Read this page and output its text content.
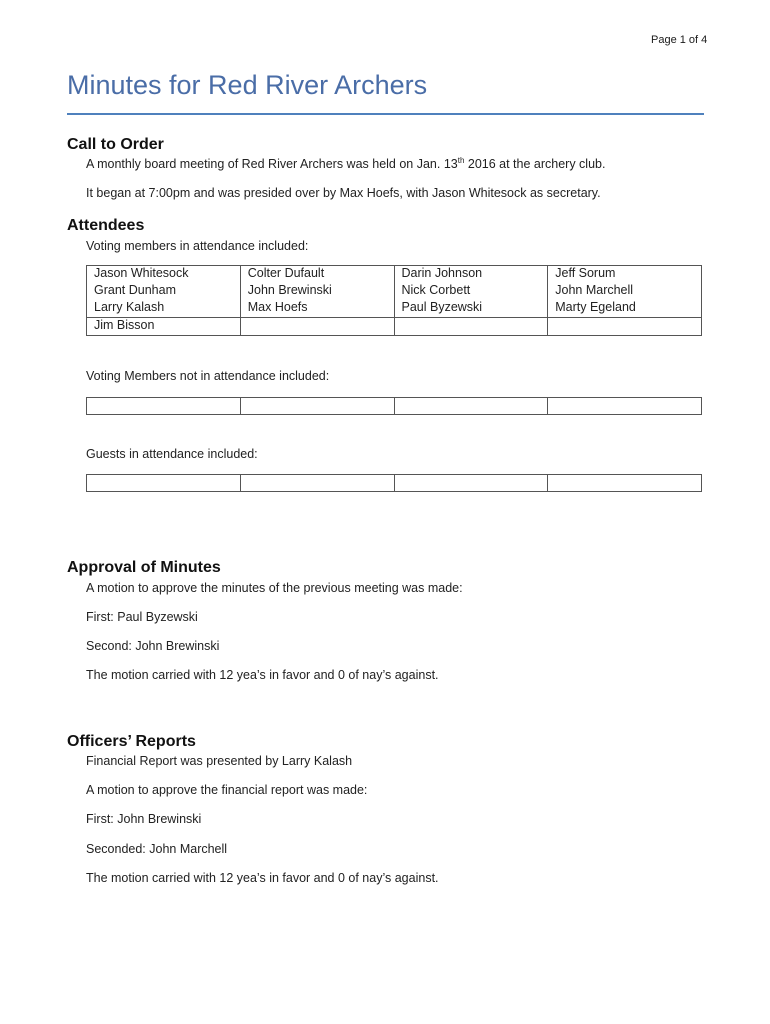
Page 1 of 4
Minutes for Red River Archers
Call to Order

A monthly board meeting of Red River Archers was held on Jan. 13th 2016 at the archery club.

It began at 7:00pm and was presided over by Max Hoefs, with Jason Whitesock as secretary.

Attendees

Voting members in attendance included:

Jason Whitesock	Colter Dufault	Darin Johnson	Jeff Sorum
Grant Dunham	John Brewinski	Nick Corbett	John Marchell
Larry Kalash	Max Hoefs	Paul Byzewski	Marty Egeland
Jim Bisson			

Voting Members not in attendance included:

Guests in attendance included:

Approval of Minutes

A motion to approve the minutes of the previous meeting was made:

First: Paul Byzewski

Second: John Brewinski

The motion carried with 12 yea’s in favor and 0 of nay’s against.

Officers’ Reports

Financial Report was presented by Larry Kalash

A motion to approve the financial report was made:

First: John Brewinski

Seconded: John Marchell

The motion carried with 12 yea’s in favor and 0 of nay’s against.
